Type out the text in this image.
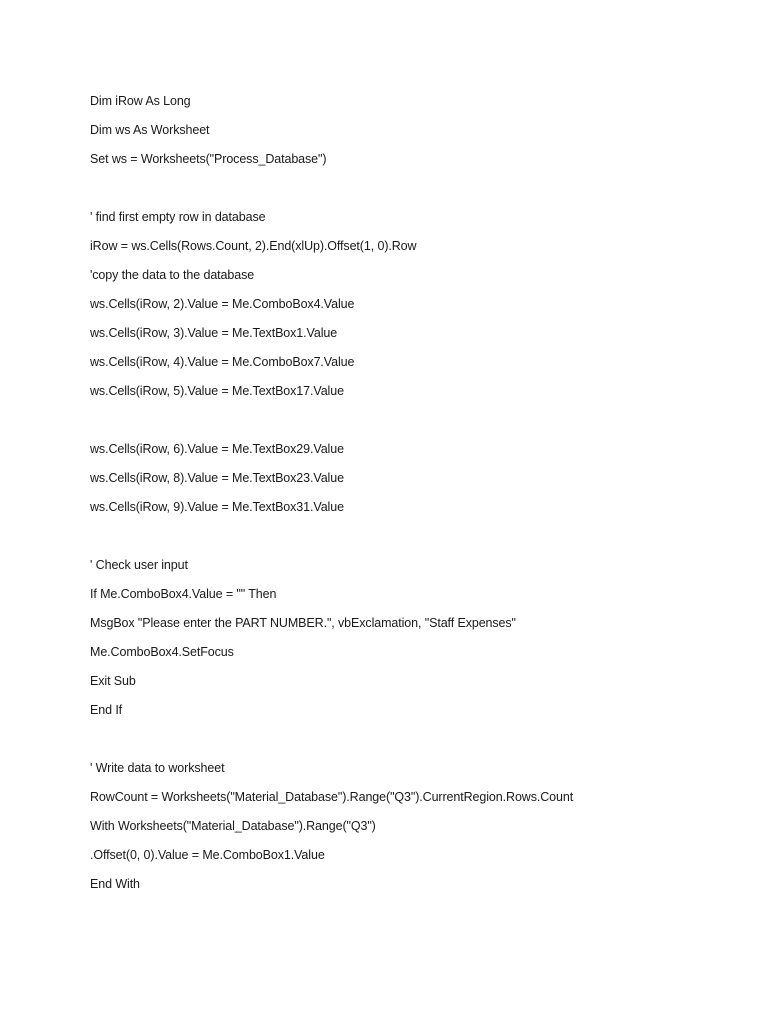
Dim iRow As Long
Dim ws As Worksheet
Set ws = Worksheets("Process_Database")
' find first empty row in database
iRow = ws.Cells(Rows.Count, 2).End(xlUp).Offset(1, 0).Row
'copy the data to the database
ws.Cells(iRow, 2).Value = Me.ComboBox4.Value
ws.Cells(iRow, 3).Value = Me.TextBox1.Value
ws.Cells(iRow, 4).Value = Me.ComboBox7.Value
ws.Cells(iRow, 5).Value = Me.TextBox17.Value
ws.Cells(iRow, 6).Value = Me.TextBox29.Value
ws.Cells(iRow, 8).Value = Me.TextBox23.Value
ws.Cells(iRow, 9).Value = Me.TextBox31.Value
' Check user input
If Me.ComboBox4.Value = "" Then
MsgBox "Please enter the PART NUMBER.", vbExclamation, "Staff Expenses"
Me.ComboBox4.SetFocus
Exit Sub
End If
' Write data to worksheet
RowCount = Worksheets("Material_Database").Range("Q3").CurrentRegion.Rows.Count
With Worksheets("Material_Database").Range("Q3")
.Offset(0, 0).Value = Me.ComboBox1.Value
End With
